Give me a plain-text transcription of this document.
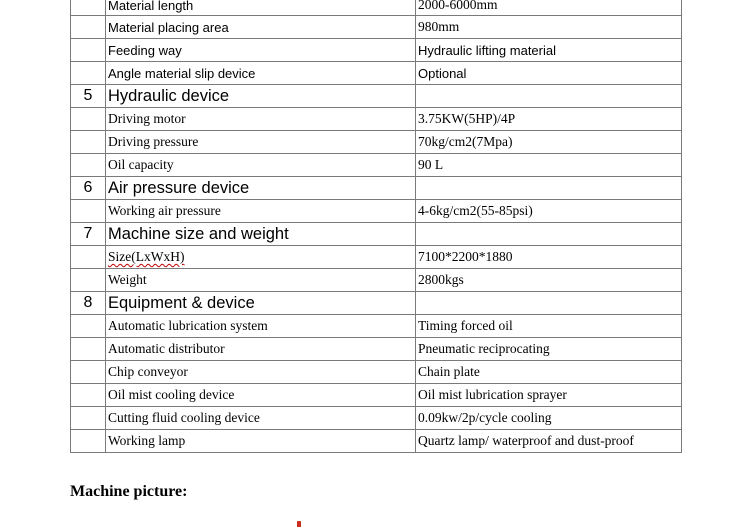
	Material length	2000-6000mm
	Material placing area	980mm
	Feeding way	Hydraulic lifting material
	Angle material slip device	Optional
5	Hydraulic device	
	Driving motor	3.75KW(5HP)/4P
	Driving pressure	70kg/cm2(7Mpa)
	Oil capacity	90 L
6	Air pressure device	
	Working air pressure	4-6kg/cm2(55-85psi)
7	Machine size and weight	
	Size(LxWxH)	7100*2200*1880
	Weight	2800kgs
8	Equipment & device	
	Automatic lubrication system	Timing forced oil
	Automatic distributor	Pneumatic reciprocating
	Chip conveyor	Chain plate
	Oil mist cooling device	Oil mist lubrication sprayer
	Cutting fluid cooling device	0.09kw/2p/cycle cooling
	Working lamp	Quartz lamp/ waterproof and dust-proof
Machine picture:
